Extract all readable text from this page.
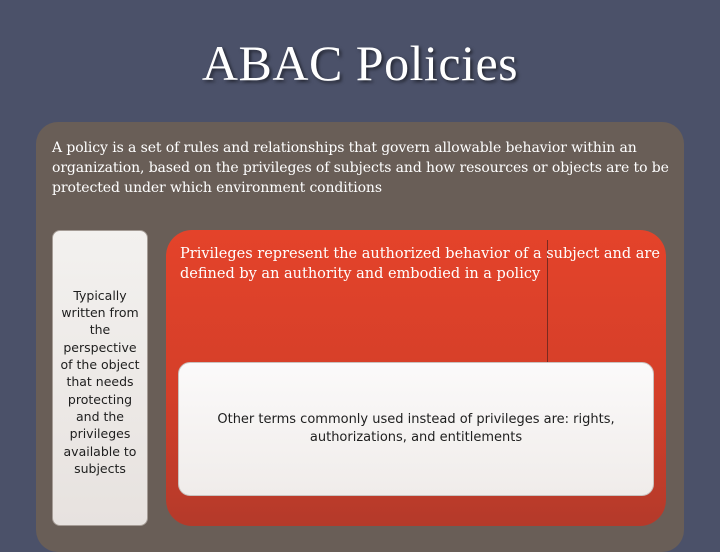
ABAC Policies
A policy is a set of rules and relationships that govern allowable behavior within an organization, based on the privileges of subjects and how resources or objects are to be protected under which environment conditions
Typically written from the perspective of the object that needs protecting and the privileges available to subjects
Privileges represent the authorized behavior of a subject and are defined by an authority and embodied in a policy
Other terms commonly used instead of privileges are: rights, authorizations, and entitlements
